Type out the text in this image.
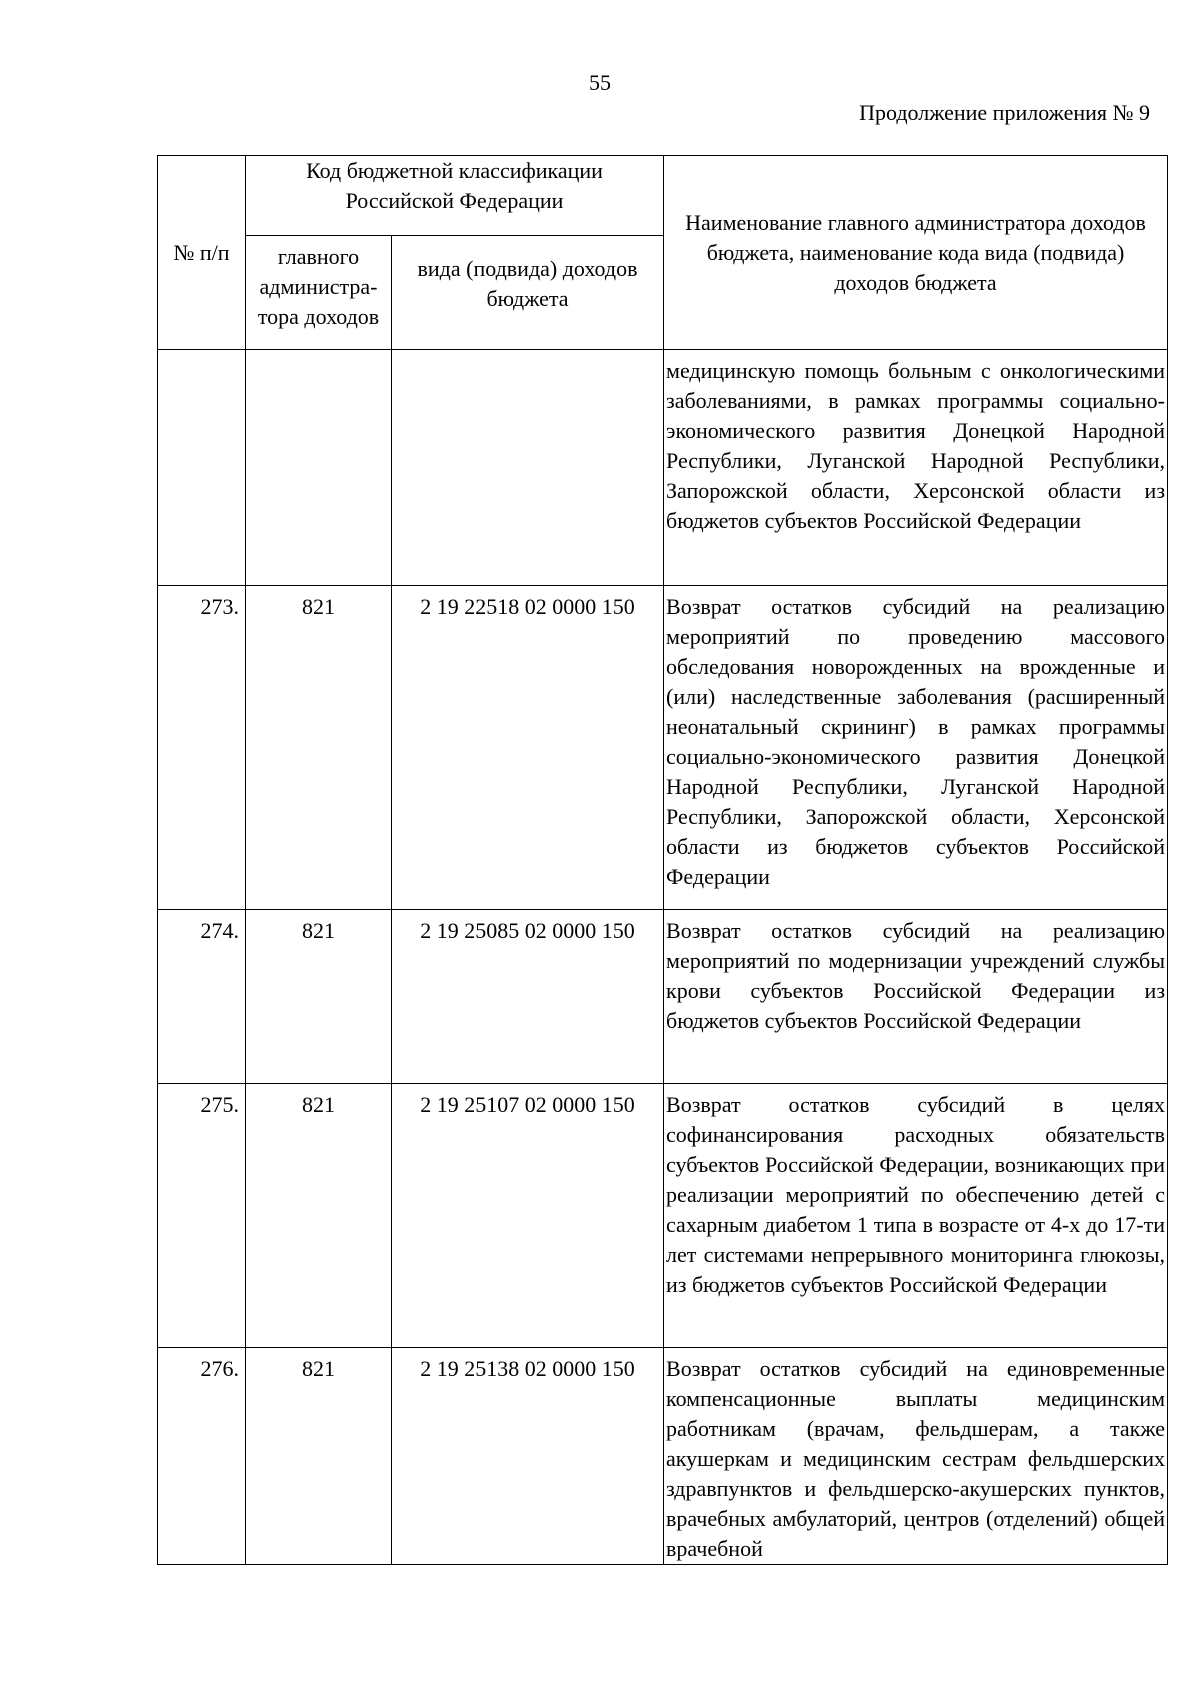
55
Продолжение приложения № 9
№ п/п	Код бюджетной классификации Российской Федерации		Наименование главного администратора доходов бюджета, наименование кода вида (подвида) доходов бюджета

	главного администра-тора доходов	вида (подвида) доходов бюджета	

			медицинскую помощь больным с онкологическими заболеваниями, в рамках программы социально-экономического развития Донецкой Народной Республики, Луганской Народной Республики, Запорожской области, Херсонской области из бюджетов субъектов Российской Федерации

273.	821	2 19 22518 02 0000 150	Возврат остатков субсидий на реализацию мероприятий по проведению массового обследования новорожденных на врожденные и (или) наследственные заболевания (расширенный неонатальный скрининг) в рамках программы социально-экономического развития Донецкой Народной Республики, Луганской Народной Республики, Запорожской области, Херсонской области из бюджетов субъектов Российской Федерации

274.	821	2 19 25085 02 0000 150	Возврат остатков субсидий на реализацию мероприятий по модернизации учреждений службы крови субъектов Российской Федерации из бюджетов субъектов Российской Федерации

275.	821	2 19 25107 02 0000 150	Возврат остатков субсидий в целях софинансирования расходных обязательств субъектов Российской Федерации, возникающих при реализации мероприятий по обеспечению детей с сахарным диабетом 1 типа в возрасте от 4-х до 17-ти лет системами непрерывного мониторинга глюкозы, из бюджетов субъектов Российской Федерации

276.	821	2 19 25138 02 0000 150	Возврат остатков субсидий на единовременные компенсационные выплаты медицинским работникам (врачам, фельдшерам, а также акушеркам и медицинским сестрам фельдшерских здравпунктов и фельдшерско-акушерских пунктов, врачебных амбулаторий, центров (отделений) общей врачебной
